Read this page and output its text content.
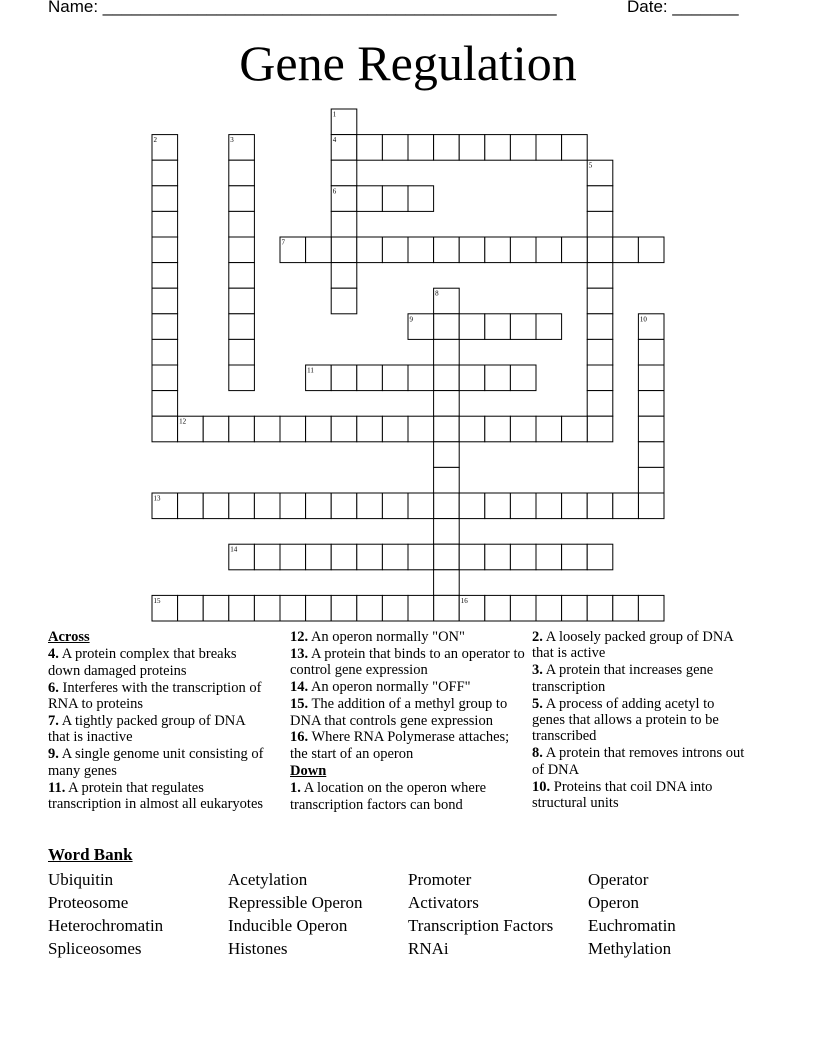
Name: ________________________________________________	Date: _______
Gene Regulation
1
2	3	4
5
6
7
8
9	10
11
12
13
14
15	16
Across
4. A protein complex that breaks down damaged proteins
6. Interferes with the transcription of RNA to proteins
7. A tightly packed group of DNA that is inactive
9. A single genome unit consisting of many genes
11. A protein that regulates transcription in almost all eukaryotes
12. An operon normally "ON"
13. A protein that binds to an operator to control gene expression
14. An operon normally "OFF"
15. The addition of a methyl group to DNA that controls gene expression
16. Where RNA Polymerase attaches; the start of an operon
Down
1. A location on the operon where transcription factors can bond
2. A loosely packed group of DNA that is active
3. A protein that increases gene transcription
5. A process of adding acetyl to genes that allows a protein to be transcribed
8. A protein that removes introns out of DNA
10. Proteins that coil DNA into structural units
Word Bank
Ubiquitin
Proteosome
Heterochromatin
Spliceosomes
Acetylation
Repressible Operon
Inducible Operon
Histones
Promoter
Activators
Transcription Factors
RNAi
Operator
Operon
Euchromatin
Methylation
